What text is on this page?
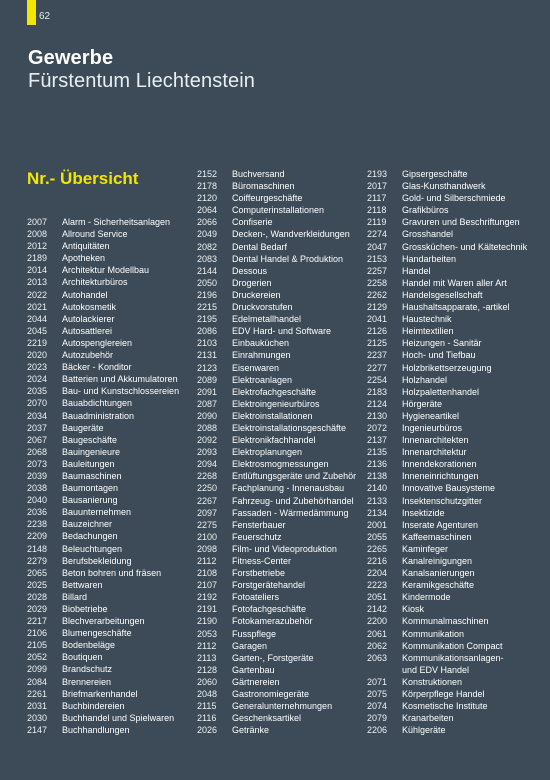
62
Gewerbe
Fürstentum Liechtenstein
Nr.- Übersicht
2007 Alarm - Sicherheitsanlagen
2008 Allround Service
2012 Antiquitäten
2189 Apotheken
2014 Architektur Modellbau
2013 Architekturbüros
2022 Autohandel
2021 Autokosmetik
2044 Autolackierer
2045 Autosattlerei
2219 Autospenglereien
2020 Autozubehör
2023 Bäcker - Konditor
2024 Batterien und Akkumulatoren
2035 Bau- und Kunstschlossereien
2070 Bauabdichtungen
2034 Bauadministration
2037 Baugeräte
2067 Baugeschäfte
2068 Bauingenieure
2073 Bauleitungen
2039 Baumaschinen
2038 Baumontagen
2040 Bausanierung
2036 Bauunternehmen
2238 Bauzeichner
2209 Bedachungen
2148 Beleuchtungen
2279 Berufsbekleidung
2065 Beton bohren und fräsen
2025 Bettwaren
2028 Billard
2029 Biobetriebe
2217 Blechverarbeitungen
2106 Blumengeschäfte
2105 Bodenbeläge
2052 Boutiquen
2099 Brandschutz
2084 Brennereien
2261 Briefmarkenhandel
2031 Buchbindereien
2030 Buchhandel und Spielwaren
2147 Buchhandlungen
2152 Buchversand
2178 Büromaschinen
2120 Coiffeurgeschäfte
2064 Computerinstallationen
2066 Confiserie
2049 Decken-, Wandverkleidungen
2082 Dental Bedarf
2083 Dental Handel & Produktion
2144 Dessous
2050 Drogerien
2196 Druckereien
2215 Druckvorstufen
2195 Edelmetallhandel
2086 EDV Hard- und Software
2103 Einbauküchen
2131 Einrahmungen
2123 Eisenwaren
2089 Elektroanlagen
2091 Elektrofachgeschäfte
2087 Elektroingenieurbüros
2090 Elektroinstallationen
2088 Elektroinstallationsgeschäfte
2092 Elektronikfachhandel
2093 Elektroplanungen
2094 Elektrosmogmessungen
2268 Entlüftungsgeräte und Zubehör
2250 Fachplanung - Innenausbau
2267 Fahrzeug- und Zubehörhandel
2097 Fassaden - Wärmedämmung
2275 Fensterbauer
2100 Feuerschutz
2098 Film- und Videoproduktion
2112 Fitness-Center
2108 Forstbetriebe
2107 Forstgerätehandel
2192 Fotoateliers
2191 Fotofachgeschäfte
2190 Fotokamerazubehör
2053 Fusspflege
2112 Garagen
2113 Garten-, Forstgeräte
2128 Gartenbau
2060 Gärtnereien
2048 Gastronomiegeräte
2115 Generalunternehmungen
2116 Geschenksartikel
2026 Getränke
2193 Gipsergeschäfte
2017 Glas-Kunsthandwerk
2117 Gold- und Silberschmiede
2118 Grafikbüros
2119 Gravuren und Beschriftungen
2274 Grosshandel
2047 Grossküchen- und Kältetechnik
2153 Handarbeiten
2257 Handel
2258 Handel mit Waren aller Art
2262 Handelsgesellschaft
2129 Haushaltsapparate, -artikel
2041 Haustechnik
2126 Heimtextilien
2125 Heizungen - Sanitär
2237 Hoch- und Tiefbau
2277 Holzbrikettserzeugung
2254 Holzhandel
2183 Holzpalettenhandel
2124 Hörgeräte
2130 Hygieneartikel
2072 Ingenieurbüros
2137 Innenarchitekten
2135 Innenarchitektur
2136 Innendekorationen
2138 Inneneinrichtungen
2140 Innovative Bausysteme
2133 Insektenschutzgitter
2134 Insektizide
2001 Inserate Agenturen
2055 Kaffeemaschinen
2265 Kaminfeger
2216 Kanalreinigungen
2204 Kanalsanierungen
2223 Keramikgeschäfte
2051 Kindermode
2142 Kiosk
2200 Kommunalmaschinen
2061 Kommunikation
2062 Kommunikation Compact
2063 Kommunikationsanlagen-
und EDV Handel
2071 Konstruktionen
2075 Körperpflege Handel
2074 Kosmetische Institute
2079 Kranarbeiten
2206 Kühlgeräte
